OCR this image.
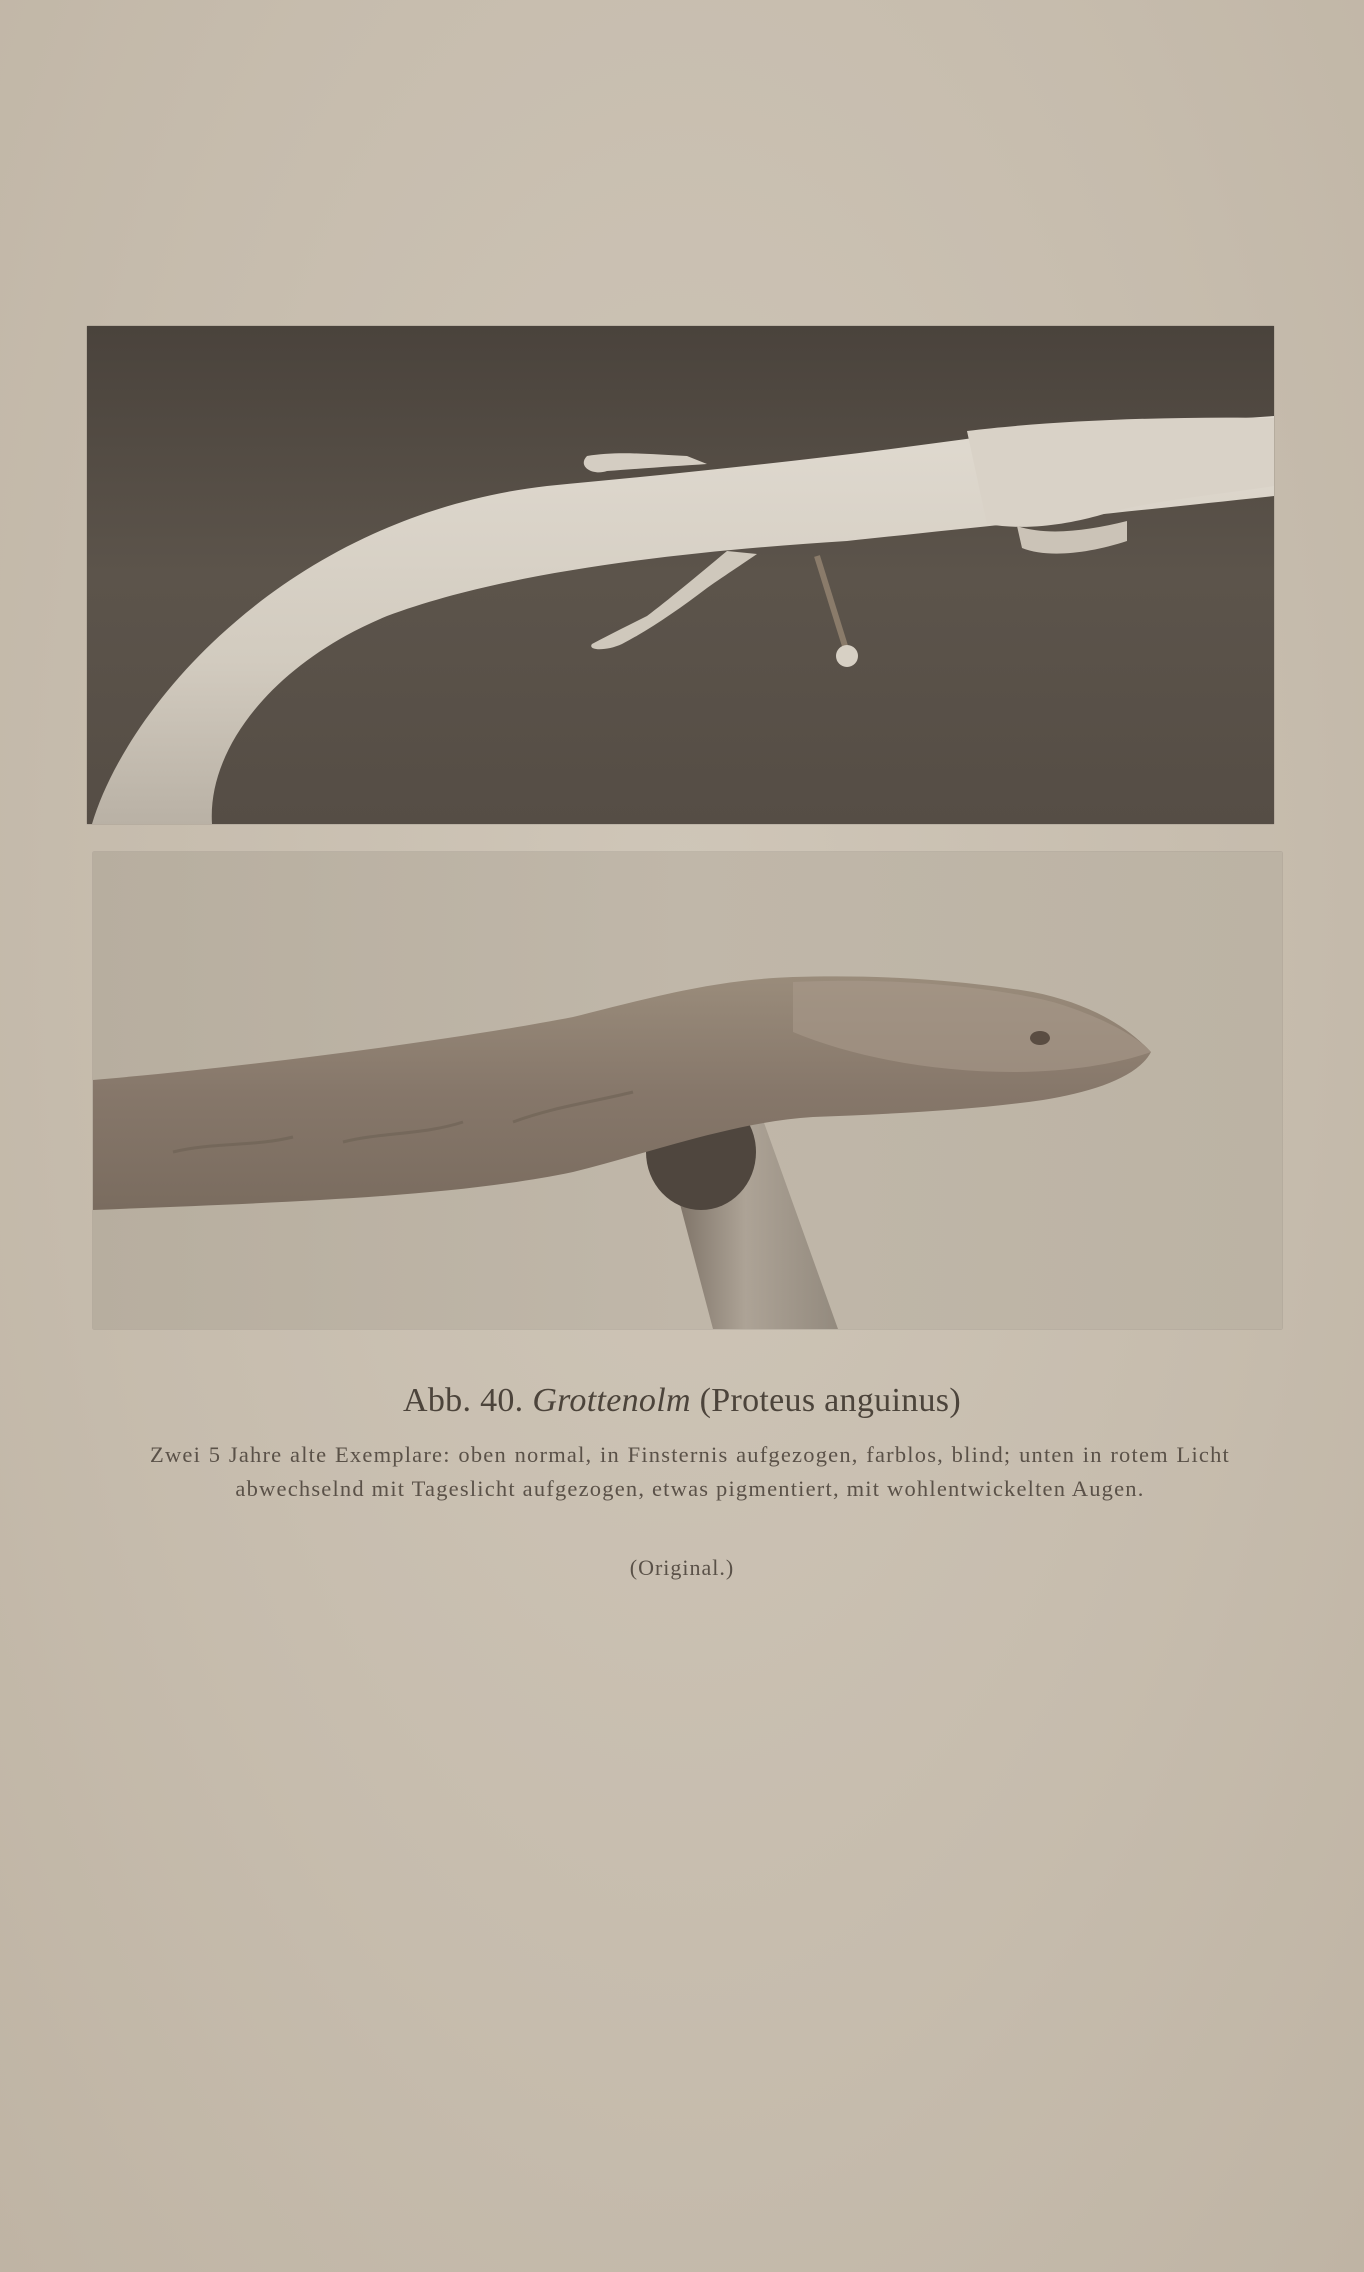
Abb. 40. Grottenolm (Proteus anguinus)
Zwei 5 Jahre alte Exemplare: oben normal, in Finsternis aufgezogen, farblos, blind; unten in rotem Licht abwechselnd mit Tageslicht aufgezogen, etwas pigmentiert, mit wohlentwickelten Augen.
(Original.)
